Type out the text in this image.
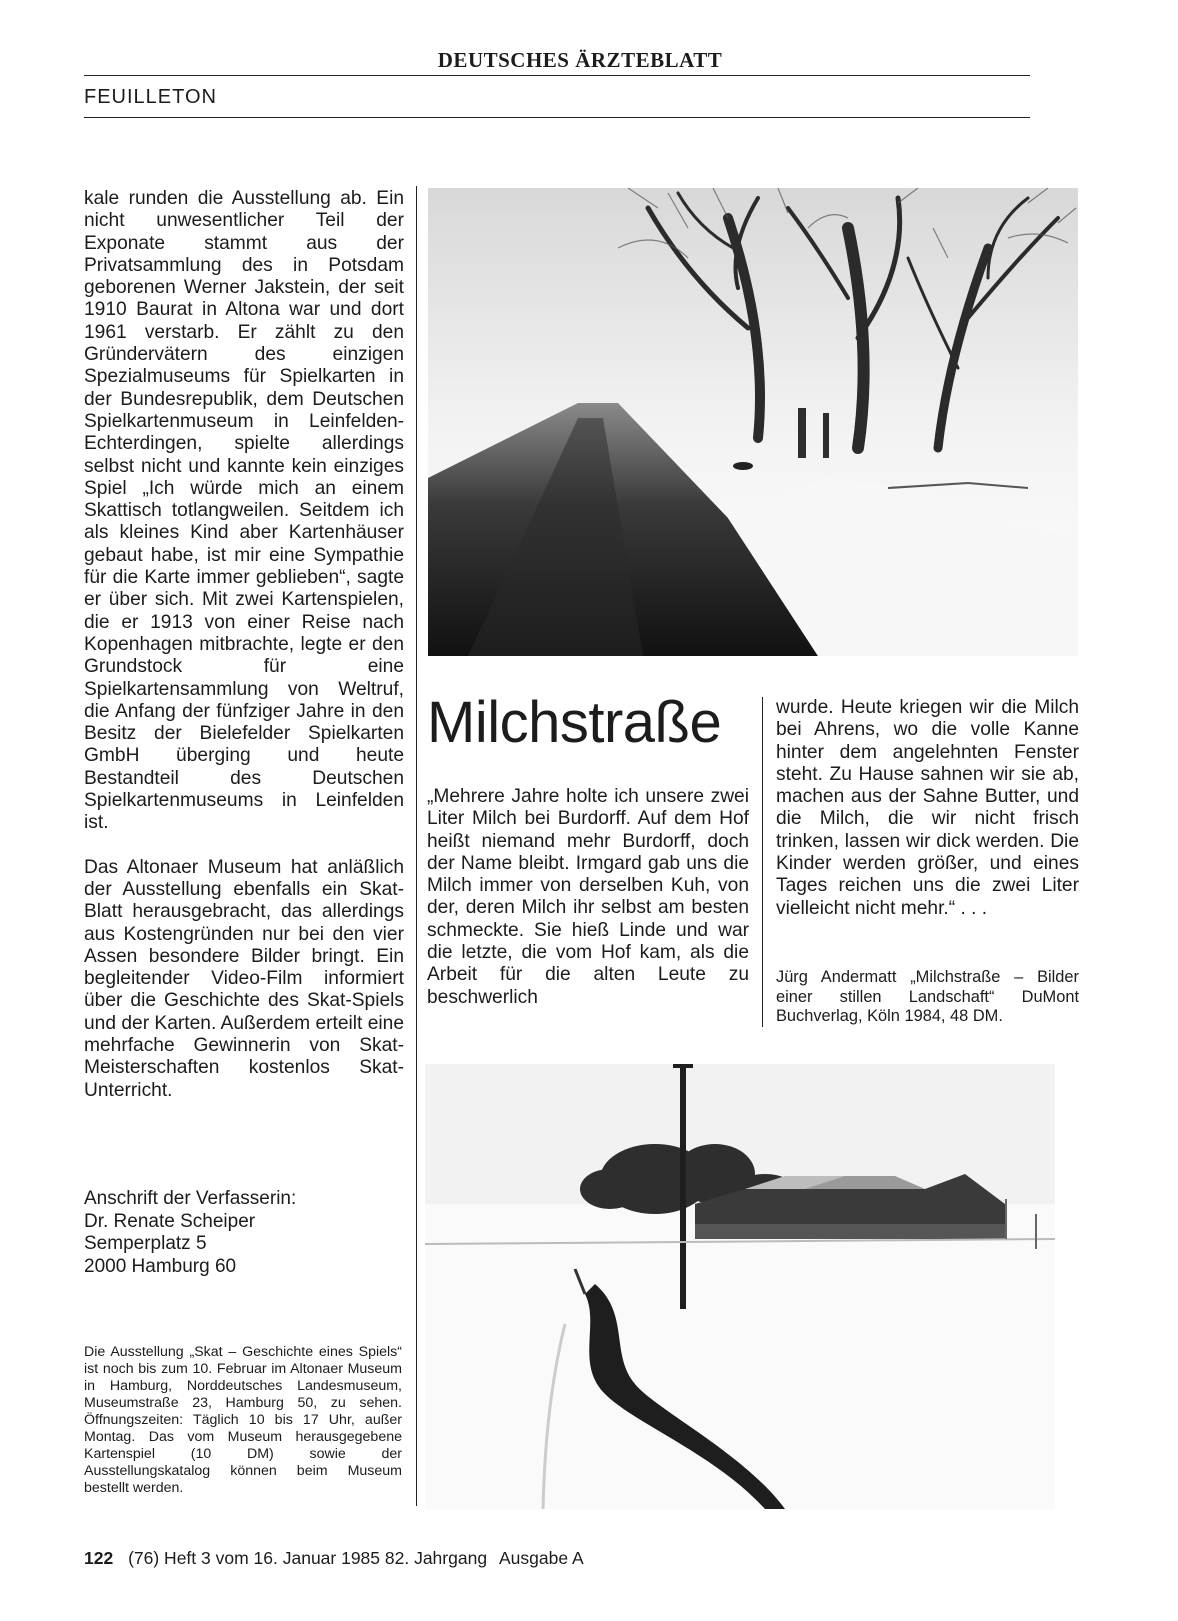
DEUTSCHES ÄRZTEBLATT
FEUILLETON

kale runden die Ausstellung ab. Ein nicht unwesentlicher Teil der Exponate stammt aus der Privatsammlung des in Potsdam geborenen Werner Jakstein, der seit 1910 Baurat in Altona war und dort 1961 verstarb. Er zählt zu den Gründervätern des einzigen Spezialmuseums für Spielkarten in der Bundesrepublik, dem Deutschen Spielkartenmuseum in Leinfelden-Echterdingen, spielte allerdings selbst nicht und kannte kein einziges Spiel „Ich würde mich an einem Skattisch totlangweilen. Seitdem ich als kleines Kind aber Kartenhäuser gebaut habe, ist mir eine Sympathie für die Karte immer geblieben“, sagte er über sich. Mit zwei Kartenspielen, die er 1913 von einer Reise nach Kopenhagen mitbrachte, legte er den Grundstock für eine Spielkartensammlung von Weltruf, die Anfang der fünfziger Jahre in den Besitz der Bielefelder Spielkarten GmbH überging und heute Bestandteil des Deutschen Spielkartenmuseums in Leinfelden ist.

Das Altonaer Museum hat anläßlich der Ausstellung ebenfalls ein Skat-Blatt herausgebracht, das allerdings aus Kostengründen nur bei den vier Assen besondere Bilder bringt. Ein begleitender Video-Film informiert über die Geschichte des Skat-Spiels und der Karten. Außerdem erteilt eine mehrfache Gewinnerin von Skat-Meisterschaften kostenlos Skat-Unterricht.

Anschrift der Verfasserin:
Dr. Renate Scheiper
Semperplatz 5
2000 Hamburg 60
Die Ausstellung „Skat – Geschichte eines Spiels“ ist noch bis zum 10. Februar im Altonaer Museum in Hamburg, Norddeutsches Landesmuseum, Museumstraße 23, Hamburg 50, zu sehen. Öffnungszeiten: Täglich 10 bis 17 Uhr, außer Montag. Das vom Museum herausgegebene Kartenspiel (10 DM) sowie der Ausstellungskatalog können beim Museum bestellt werden.
Milchstraße
„Mehrere Jahre holte ich unsere zwei Liter Milch bei Burdorff. Auf dem Hof heißt niemand mehr Burdorff, doch der Name bleibt. Irmgard gab uns die Milch immer von derselben Kuh, von der, deren Milch ihr selbst am besten schmeckte. Sie hieß Linde und war die letzte, die vom Hof kam, als die Arbeit für die alten Leute zu beschwerlich
wurde. Heute kriegen wir die Milch bei Ahrens, wo die volle Kanne hinter dem angelehnten Fenster steht. Zu Hause sahnen wir sie ab, machen aus der Sahne Butter, und die Milch, die wir nicht frisch trinken, lassen wir dick werden. Die Kinder werden größer, und eines Tages reichen uns die zwei Liter vielleicht nicht mehr.“ . . .
Jürg Andermatt „Milchstraße – Bilder einer stillen Landschaft“ DuMont Buchverlag, Köln 1984, 48 DM.
122 (76) Heft 3 vom 16. Januar 1985 82. Jahrgang Ausgabe A
